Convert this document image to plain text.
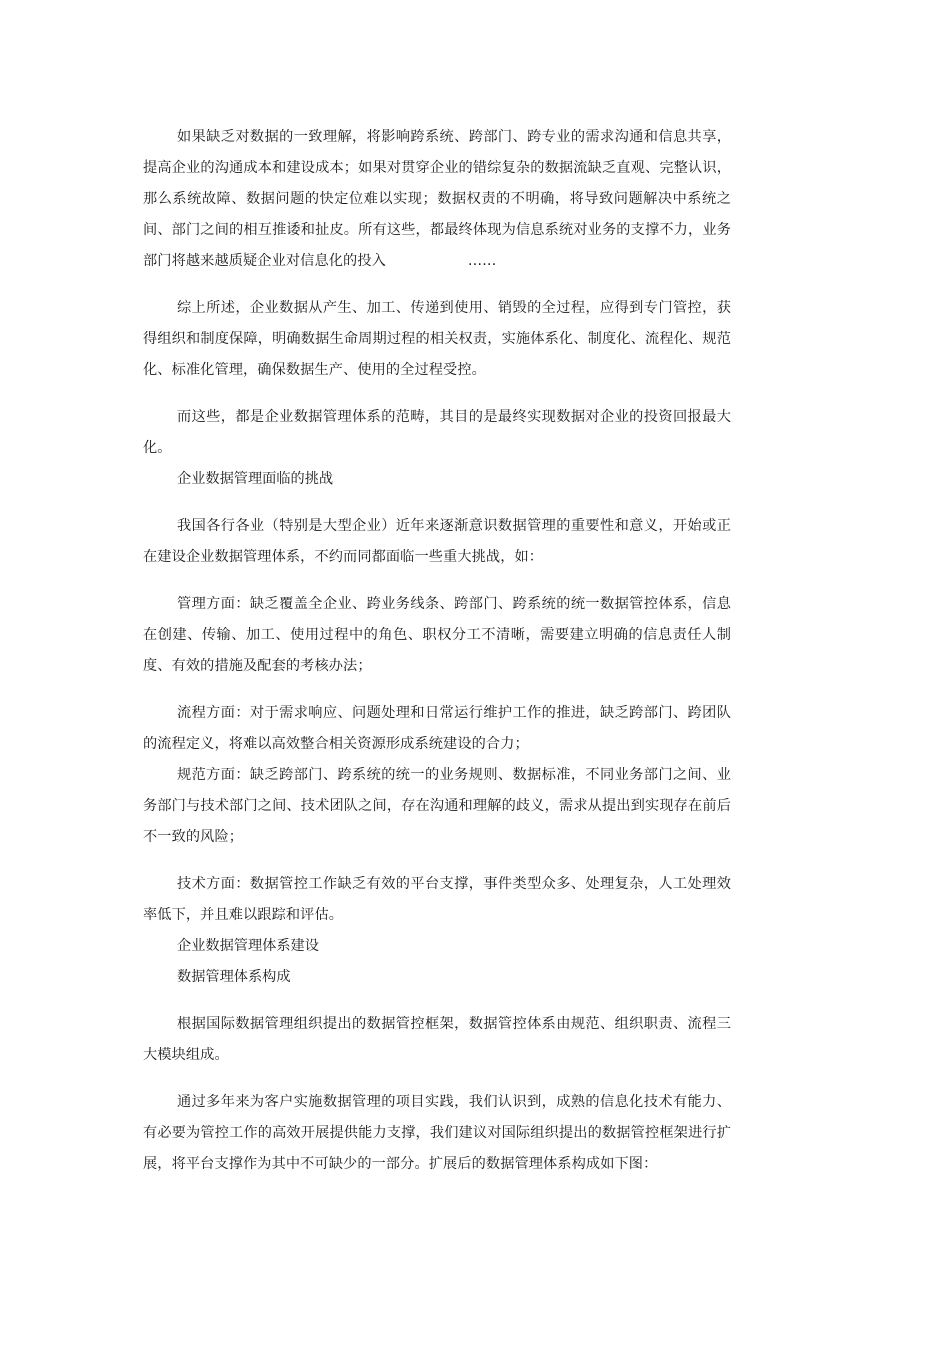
如果缺乏对数据的一致理解，将影响跨系统、跨部门、跨专业的需求沟通和信息共享，提高企业的沟通成本和建设成本；如果对贯穿企业的错综复杂的数据流缺乏直观、完整认识，那么系统故障、数据问题的快定位难以实现；数据权责的不明确，将导致问题解决中系统之间、部门之间的相互推诿和扯皮。所有这些，都最终体现为信息系统对业务的支撑不力，业务部门将越来越质疑企业对信息化的投入	……

综上所述，企业数据从产生、加工、传递到使用、销毁的全过程，应得到专门管控，获得组织和制度保障，明确数据生命周期过程的相关权责，实施体系化、制度化、流程化、规范化、标准化管理，确保数据生产、使用的全过程受控。

而这些，都是企业数据管理体系的范畴，其目的是最终实现数据对企业的投资回报最大化。

企业数据管理面临的挑战

我国各行各业（特别是大型企业）近年来逐渐意识数据管理的重要性和意义，开始或正在建设企业数据管理体系，不约而同都面临一些重大挑战，如：

管理方面：缺乏覆盖全企业、跨业务线条、跨部门、跨系统的统一数据管控体系，信息在创建、传输、加工、使用过程中的角色、职权分工不清晰，需要建立明确的信息责任人制度、有效的措施及配套的考核办法；

流程方面：对于需求响应、问题处理和日常运行维护工作的推进，缺乏跨部门、跨团队的流程定义，将难以高效整合相关资源形成系统建设的合力；

规范方面：缺乏跨部门、跨系统的统一的业务规则、数据标准，不同业务部门之间、业务部门与技术部门之间、技术团队之间，存在沟通和理解的歧义，需求从提出到实现存在前后不一致的风险；

技术方面：数据管控工作缺乏有效的平台支撑，事件类型众多、处理复杂，人工处理效率低下，并且难以跟踪和评估。

企业数据管理体系建设

数据管理体系构成

根据国际数据管理组织提出的数据管控框架，数据管控体系由规范、组织职责、流程三大模块组成。

通过多年来为客户实施数据管理的项目实践，我们认识到，成熟的信息化技术有能力、有必要为管控工作的高效开展提供能力支撑，我们建议对国际组织提出的数据管控框架进行扩展，将平台支撑作为其中不可缺少的一部分。扩展后的数据管理体系构成如下图：
